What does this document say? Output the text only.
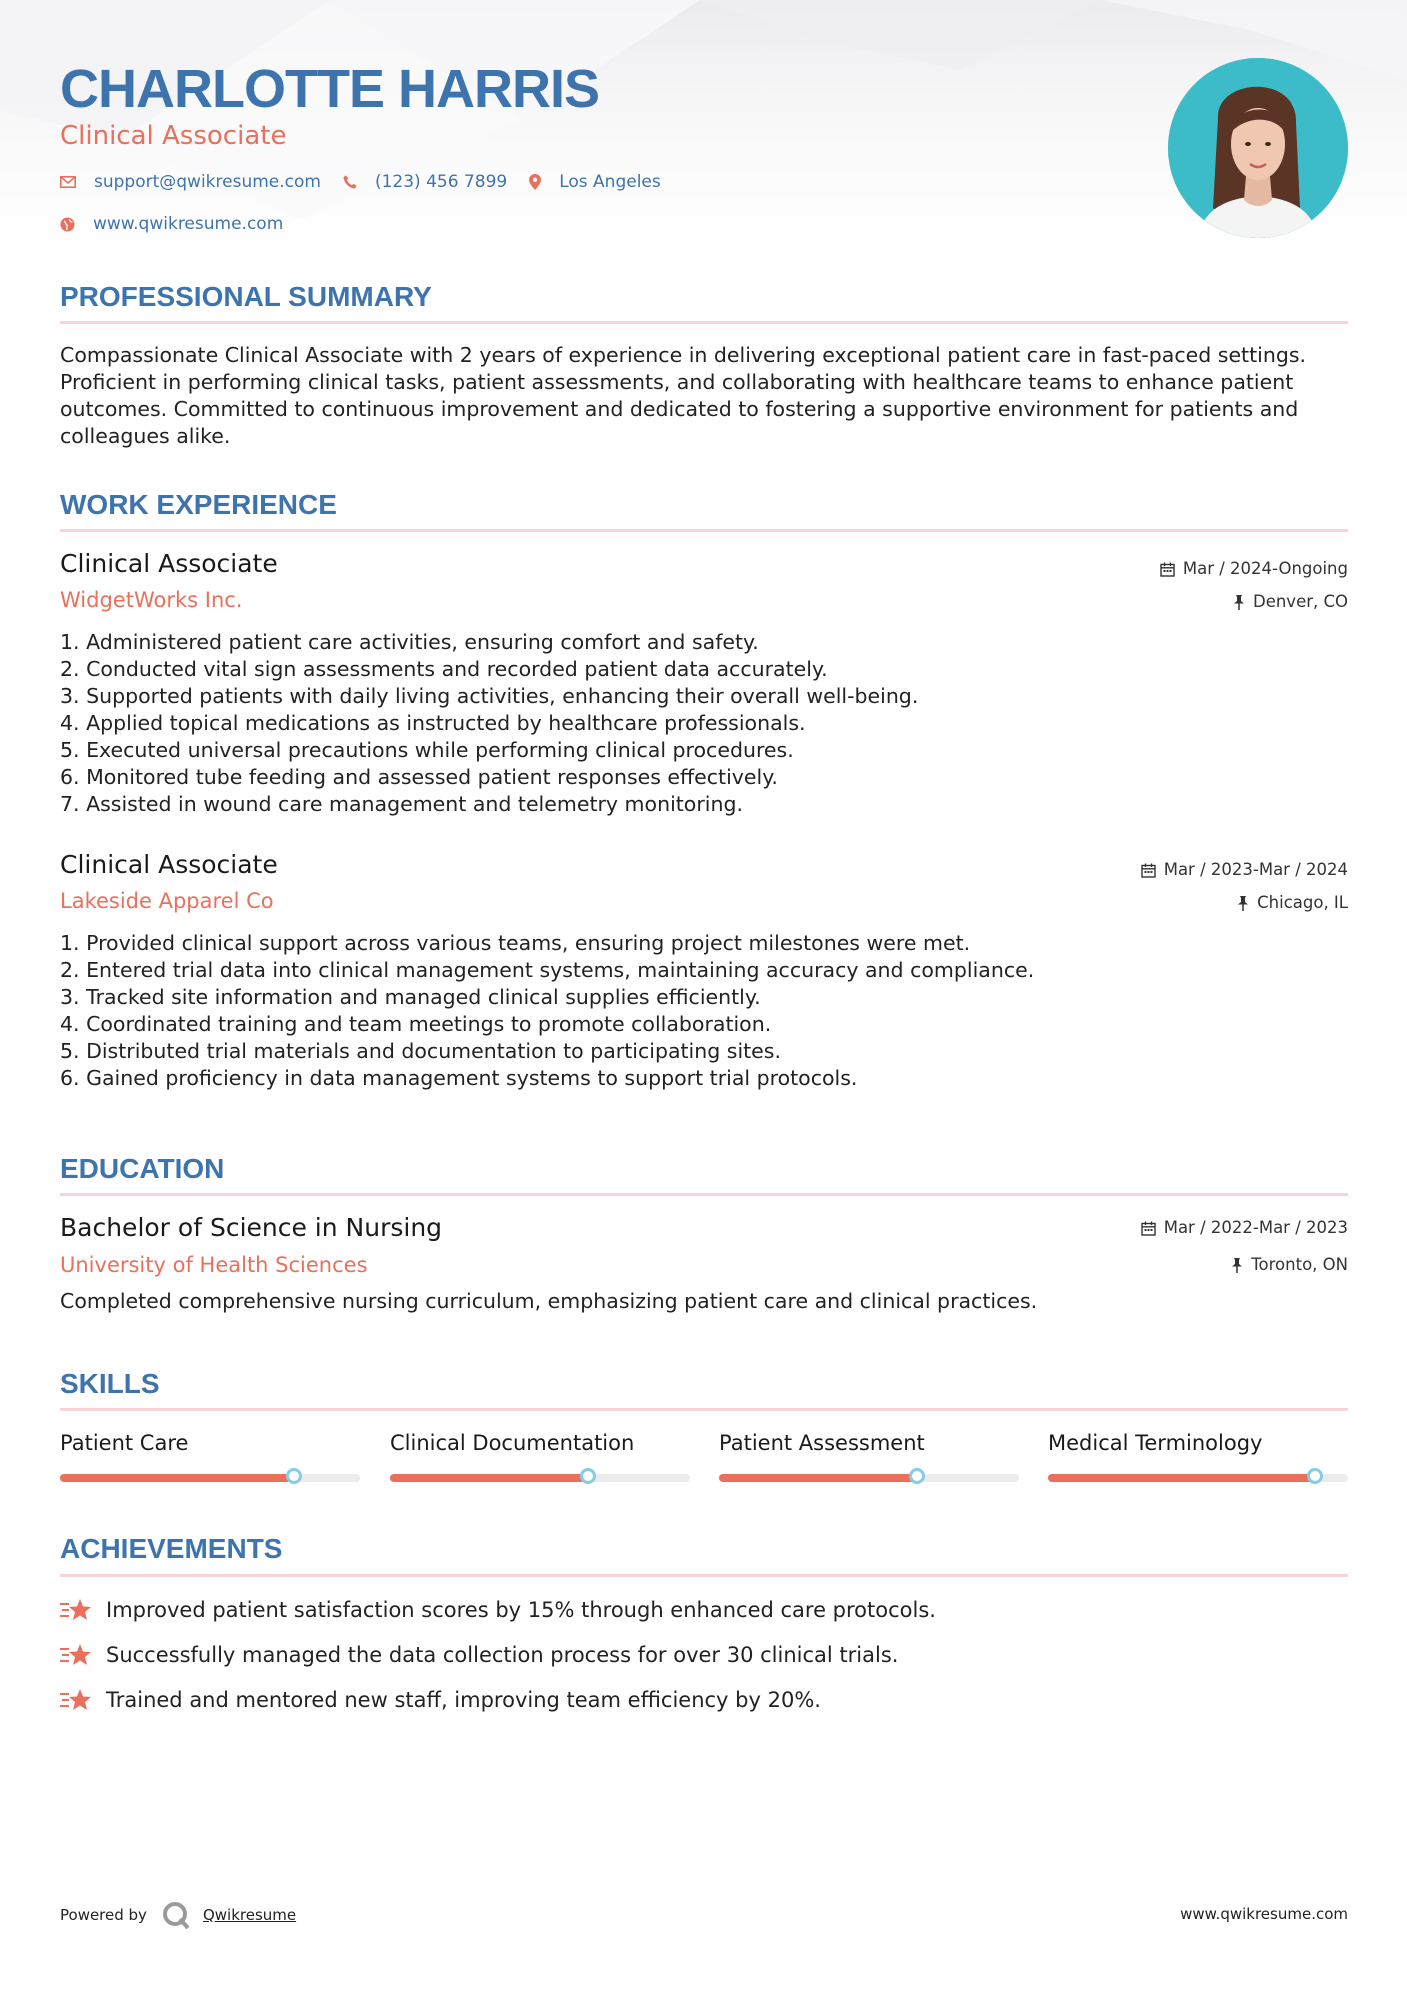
CHARLOTTE HARRIS
Clinical Associate
support@qwikresume.com	(123) 456 7899	Los Angeles
www.qwikresume.com
PROFESSIONAL SUMMARY

Compassionate Clinical Associate with 2 years of experience in delivering exceptional patient care in fast-paced settings. Proficient in performing clinical tasks, patient assessments, and collaborating with healthcare teams to enhance patient outcomes. Committed to continuous improvement and dedicated to fostering a supportive environment for patients and colleagues alike.

WORK EXPERIENCE
Clinical Associate
WidgetWorks Inc.
Mar / 2024-Ongoing
Denver, CO
1. Administered patient care activities, ensuring comfort and safety.
2. Conducted vital sign assessments and recorded patient data accurately.
3. Supported patients with daily living activities, enhancing their overall well-being.
4. Applied topical medications as instructed by healthcare professionals.
5. Executed universal precautions while performing clinical procedures.
6. Monitored tube feeding and assessed patient responses effectively.
7. Assisted in wound care management and telemetry monitoring.
Clinical Associate
Lakeside Apparel Co
Mar / 2023-Mar / 2024
Chicago, IL
1. Provided clinical support across various teams, ensuring project milestones were met.
2. Entered trial data into clinical management systems, maintaining accuracy and compliance.
3. Tracked site information and managed clinical supplies efficiently.
4. Coordinated training and team meetings to promote collaboration.
5. Distributed trial materials and documentation to participating sites.
6. Gained proficiency in data management systems to support trial protocols.
EDUCATION
Bachelor of Science in Nursing
University of Health Sciences
Mar / 2022-Mar / 2023
Toronto, ON
Completed comprehensive nursing curriculum, emphasizing patient care and clinical practices.
SKILLS
Patient Care	Clinical Documentation	Patient Assessment	Medical Terminology
ACHIEVEMENTS
Improved patient satisfaction scores by 15% through enhanced care protocols.
Successfully managed the data collection process for over 30 clinical trials.
Trained and mentored new staff, improving team efficiency by 20%.
Powered by	Qwikresume	www.qwikresume.com
